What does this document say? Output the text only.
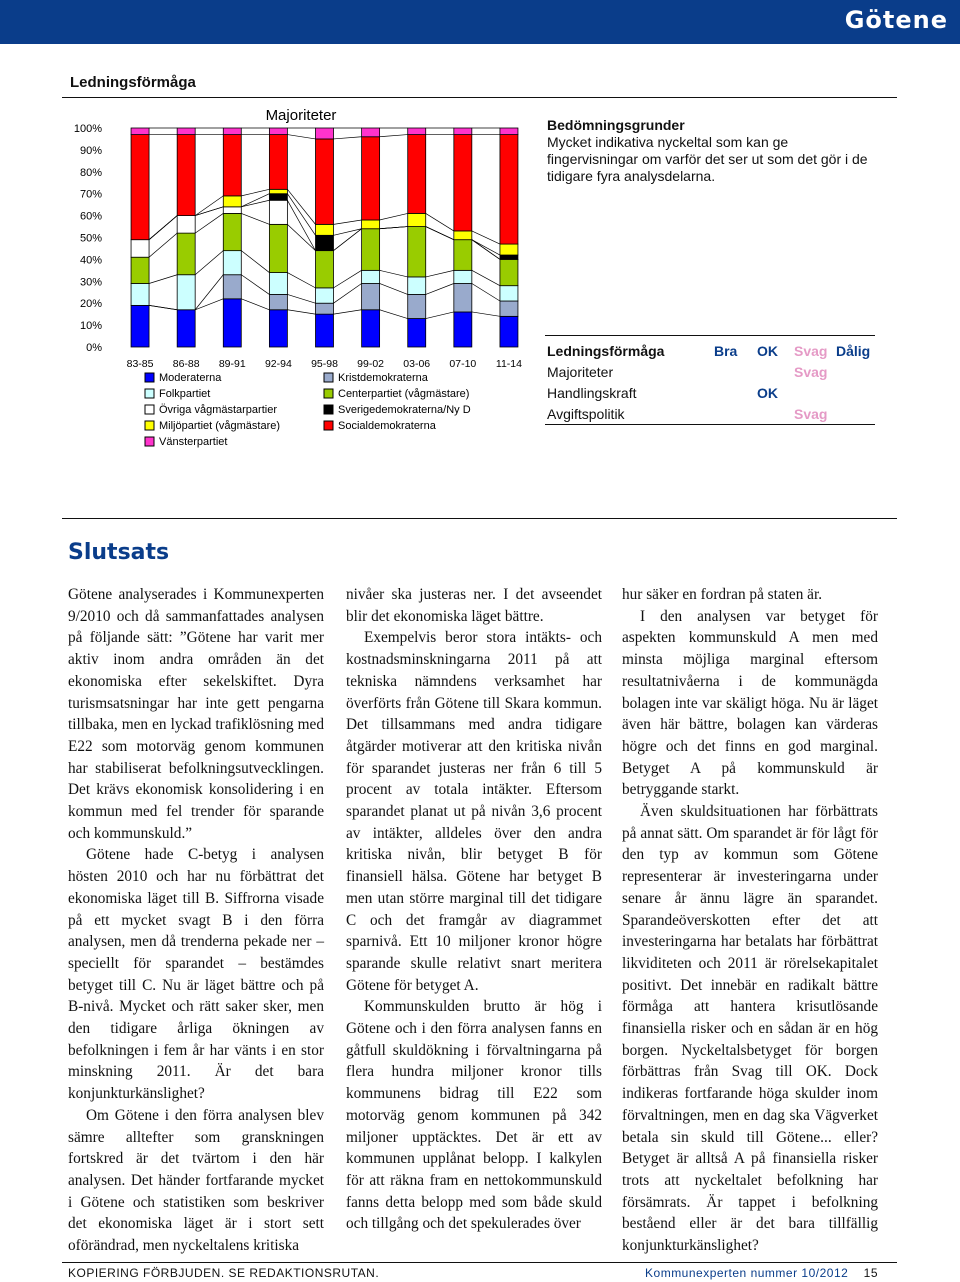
Götene
Ledningsförmåga
Majoriteter
0%
10%
20%
30%
40%
50%
60%
70%
80%
90%
100%
83-85 86-88 89-91 92-94 95-98 99-02 03-06 07-10 11-14
Moderaterna
Folkpartiet
Övriga vågmästarpartier
Miljöpartiet (vågmästare)
Vänsterpartiet
Kristdemokraterna
Centerpartiet (vågmästare)
Sverigedemokraterna/Ny D
Socialdemokraterna
Bedömningsgrunder
Mycket indikativa nyckeltal som kan ge fingervisningar om varför det ser ut som det gör i de tidigare fyra analysdelarna.
Ledningsförmåga	Bra OK Svag Dålig
Majoriteter	Svag
Handlingskraft	OK
Avgiftspolitik	Svag
Slutsats

Götene analyserades i Kommunexperten 9/2010 och då sammanfattades analysen på följande sätt: ”Götene har varit mer aktiv inom andra områden än det ekonomiska efter sekelskiftet. Dyra turismsatsningar har inte gett pengarna tillbaka, men en lyckad trafiklösning med E22 som motorväg genom kommunen har stabiliserat befolkningsutvecklingen. Det krävs ekonomisk konsolidering i en kommun med fel trender för sparande och kommunskuld.”

Götene hade C-betyg i analysen hösten 2010 och har nu förbättrat det ekonomiska läget till B. Siffrorna visade på ett mycket svagt B i den förra analysen, men då trenderna pekade ner – speciellt för sparandet – bestämdes betyget till C. Nu är läget bättre och på B-nivå. Mycket och rätt saker sker, men den tidigare årliga ökningen av befolkningen i fem år har vänts i en stor minskning 2011. Är det bara konjunkturkänslighet?

Om Götene i den förra analysen blev sämre alltefter som granskningen fortskred är det tvärtom i den här analysen. Det händer fortfarande mycket i Götene och statistiken som beskriver det ekonomiska läget är i stort sett oförändrad, men nyckeltalens kritiska

nivåer ska justeras ner. I det avseendet blir det ekonomiska läget bättre.

Exempelvis beror stora intäkts- och kostnadsminskningarna 2011 på att tekniska nämndens verksamhet har överförts från Götene till Skara kommun. Det tillsammans med andra tidigare åtgärder motiverar att den kritiska nivån för sparandet justeras ner från 6 till 5 procent av totala intäkter. Eftersom sparandet planat ut på nivån 3,6 procent av intäkter, alldeles över den andra kritiska nivån, blir betyget B för finansiell hälsa. Götene har betyget B men utan större marginal till det tidigare C och det framgår av diagrammet sparnivå. Ett 10 miljoner kronor högre sparande skulle relativt snart meritera Götene för betyget A.

Kommunskulden brutto är hög i Götene och i den förra analysen fanns en gåtfull skuldökning i förvaltningarna på flera hundra miljoner kronor tills kommunens bidrag till E22 som motorväg genom kommunen på 342 miljoner upptäcktes. Det är ett av kommunen upplånat belopp. I kalkylen för att räkna fram en nettokommunskuld fanns detta belopp med som både skuld och tillgång och det spekulerades över

hur säker en fordran på staten är.

I den analysen var betyget för aspekten kommunskuld A men med minsta möjliga marginal eftersom resultatnivåerna i de kommunägda bolagen inte var skäligt höga. Nu är läget även här bättre, bolagen kan värderas högre och det finns en god marginal. Betyget A på kommunskuld är betryggande starkt.

Även skuldsituationen har förbättrats på annat sätt. Om sparandet är för lågt för den typ av kommun som Götene representerar är investeringarna under senare år ännu lägre än sparandet. Sparandeöverskotten efter det att investeringarna har betalats har förbättrat likviditeten och 2011 är rörelsekapitalet positivt. Det innebär en radikalt bättre förmåga att hantera krisutlösande finansiella risker och en sådan är en hög borgen. Nyckeltalsbetyget för borgen förbättras från Svag till OK. Dock indikeras fortfarande höga skulder inom förvaltningen, men en dag ska Vägverket betala sin skuld till Götene... eller? Betyget är alltså A på finansiella risker trots att nyckeltalet befolkning har försämrats. Är tappet i befolkning beståend eller är det bara tillfällig konjunkturkänslighet?

KOPIERING FÖRBJUDEN. SE REDAKTIONSRUTAN.	Kommunexperten nummer 10/2012 15
